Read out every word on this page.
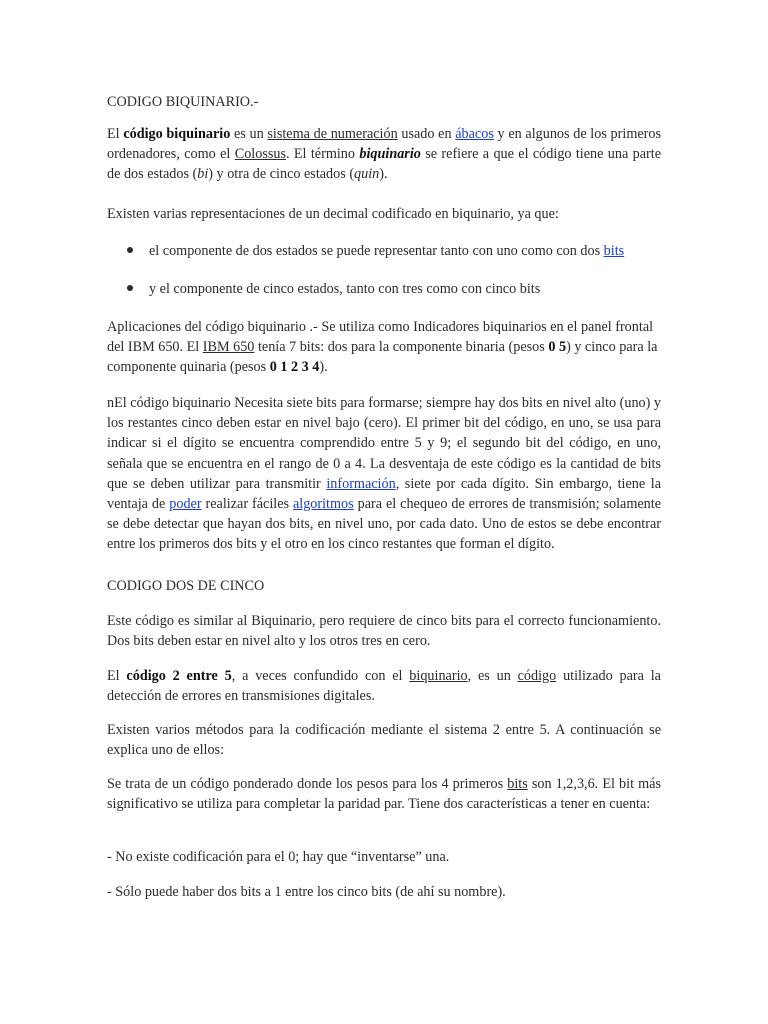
CODIGO BIQUINARIO.-

El código biquinario es un sistema de numeración usado en ábacos y en algunos de los primeros ordenadores, como el Colossus. El término biquinario se refiere a que el código tiene una parte de dos estados (bi) y otra de cinco estados (quin).

Existen varias representaciones de un decimal codificado en biquinario, ya que:

el componente de dos estados se puede representar tanto con uno como con dos bits

y el componente de cinco estados, tanto con tres como con cinco bits

Aplicaciones del código biquinario .- Se utiliza como Indicadores biquinarios en el panel frontal del IBM 650. El IBM 650 tenía 7 bits: dos para la componente binaria (pesos 0 5) y cinco para la componente quinaria (pesos 0 1 2 3 4).

nEl código biquinario Necesita siete bits para formarse; siempre hay dos bits en nivel alto (uno) y los restantes cinco deben estar en nivel bajo (cero). El primer bit del código, en uno, se usa para indicar si el dígito se encuentra comprendido entre 5 y 9; el segundo bit del código, en uno, señala que se encuentra en el rango de 0 a 4. La desventaja de este código es la cantidad de bits que se deben utilizar para transmitir información, siete por cada dígito. Sin embargo, tiene la ventaja de poder realizar fáciles algoritmos para el chequeo de errores de transmisión; solamente se debe detectar que hayan dos bits, en nivel uno, por cada dato. Uno de estos se debe encontrar entre los primeros dos bits y el otro en los cinco restantes que forman el dígito.

CODIGO DOS DE CINCO

Este código es similar al Biquinario, pero requiere de cinco bits para el correcto funcionamiento. Dos bits deben estar en nivel alto y los otros tres en cero.

El código 2 entre 5, a veces confundido con el biquinario, es un código utilizado para la detección de errores en transmisiones digitales.

Existen varios métodos para la codificación mediante el sistema 2 entre 5. A continuación se explica uno de ellos:

Se trata de un código ponderado donde los pesos para los 4 primeros bits son 1,2,3,6. El bit más significativo se utiliza para completar la paridad par. Tiene dos características a tener en cuenta:

- No existe codificación para el 0; hay que “inventarse” una.

- Sólo puede haber dos bits a 1 entre los cinco bits (de ahí su nombre).
